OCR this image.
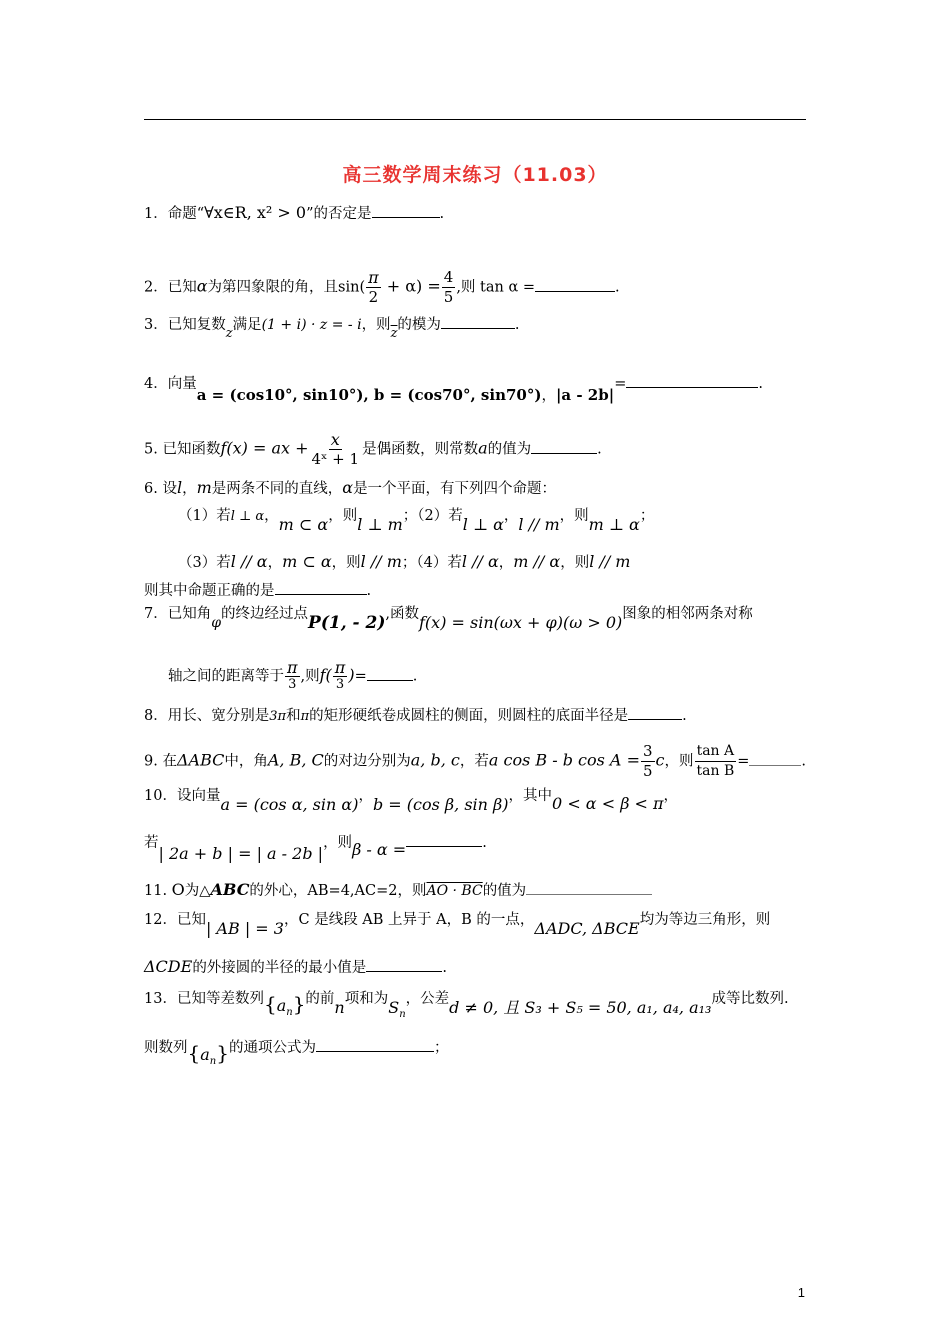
高三数学周末练习（11.03）
1．命题“∀x∈R, x² > 0”的否定是	.
2．已知α为第四象限的角，且$\sin( \frac{\pi}{2} + \alpha) = \frac{4}{5}$ ,则 tan α =	.
3．已知复数z满足(1 + i) · z = - i，则$\overline{z}$的模为	.
4．向量a = (cos10°, sin10°), b = (cos70°, sin70°)，|a - 2b|=	.
5. 已知函数f(x) = ax + $\frac{x}{\text{4ˣ + 1}}$ 是偶函数，则常数a的值为	.
6. 设l，m是两条不同的直线，α是一个平面，有下列四个命题：
（1）若l ⊥ α，m ⊂ α，则l ⊥ m；（2）若l ⊥ α，l // m，则m ⊥ α；
（3）若l // α，m ⊂ α，则l // m；（4）若l // α，m // α，则l // m
则其中命题正确的是	.
7．已知角φ的终边经过点P(1, - 2),函数f(x) = sin(ωx + φ)(ω > 0)图象的相邻两条对称
轴之间的距离等于 $\frac{\pi}{3}$ ,则$f( \frac{\pi}{3}$ )=	.
8．用长、宽分别是3π和π的矩形硬纸卷成圆柱的侧面，则圆柱的底面半径是	.
9. 在ΔABC中，角A, B, C的对边分别为a, b, c，若a cos B - b $\cos A = \frac{3}{5}$ c，则 $\frac{\text{tan A}}{\text{tan B}}$ =	.
10．设向量a = (cos α, sin α)，b = (cos β, sin β)，其中0 < α < β < π，
若| 2a + b | = | a - 2b |，则β - α =	.
11. O为△ABC的外心，AB=4,AC=2，则AO · BC的值为
12．已知| AB | = 3，C 是线段 AB 上异于 A，B 的一点，ΔADC, ΔBCE均为等边三角形，则
ΔCDE的外接圆的半径的最小值是	.
13．已知等差数列$\{a_n\}$的前n项和为$S_n$，公差d ≠ 0, 且 S₃ + S₅ = 50, a₁, a₄, a₁₃成等比数列.
则数列$\{a_n\}$的通项公式为	；
1
